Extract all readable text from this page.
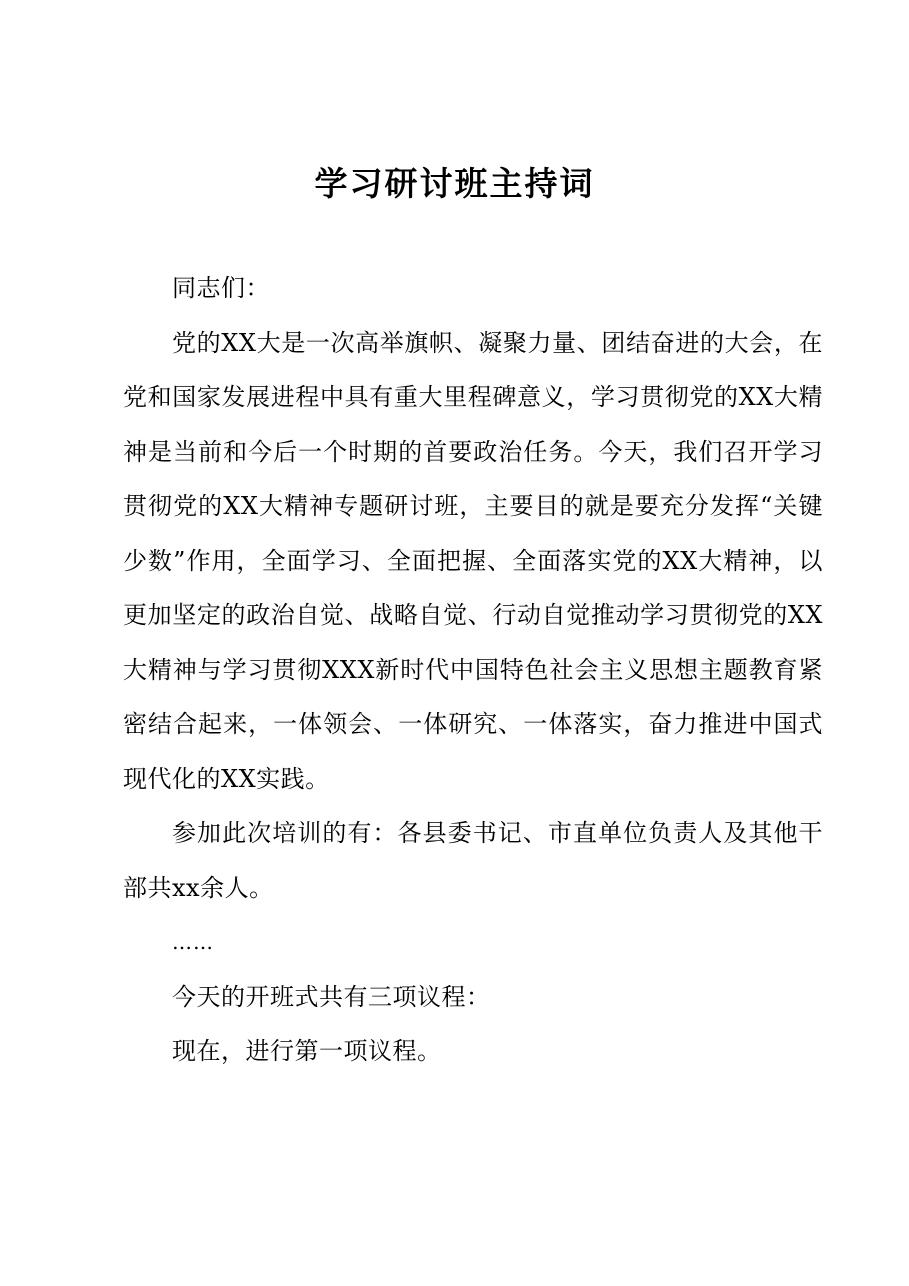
学习研讨班主持词

同志们：

党的XX大是一次高举旗帜、凝聚力量、团结奋进的大会，在党和国家发展进程中具有重大里程碑意义，学习贯彻党的XX大精神是当前和今后一个时期的首要政治任务。今天，我们召开学习贯彻党的XX大精神专题研讨班，主要目的就是要充分发挥“关键少数”作用，全面学习、全面把握、全面落实党的XX大精神，以更加坚定的政治自觉、战略自觉、行动自觉推动学习贯彻党的XX大精神与学习贯彻XXX新时代中国特色社会主义思想主题教育紧密结合起来，一体领会、一体研究、一体落实，奋力推进中国式现代化的XX实践。

参加此次培训的有：各县委书记、市直单位负责人及其他干部共xx余人。

……

今天的开班式共有三项议程：

现在，进行第一项议程。
